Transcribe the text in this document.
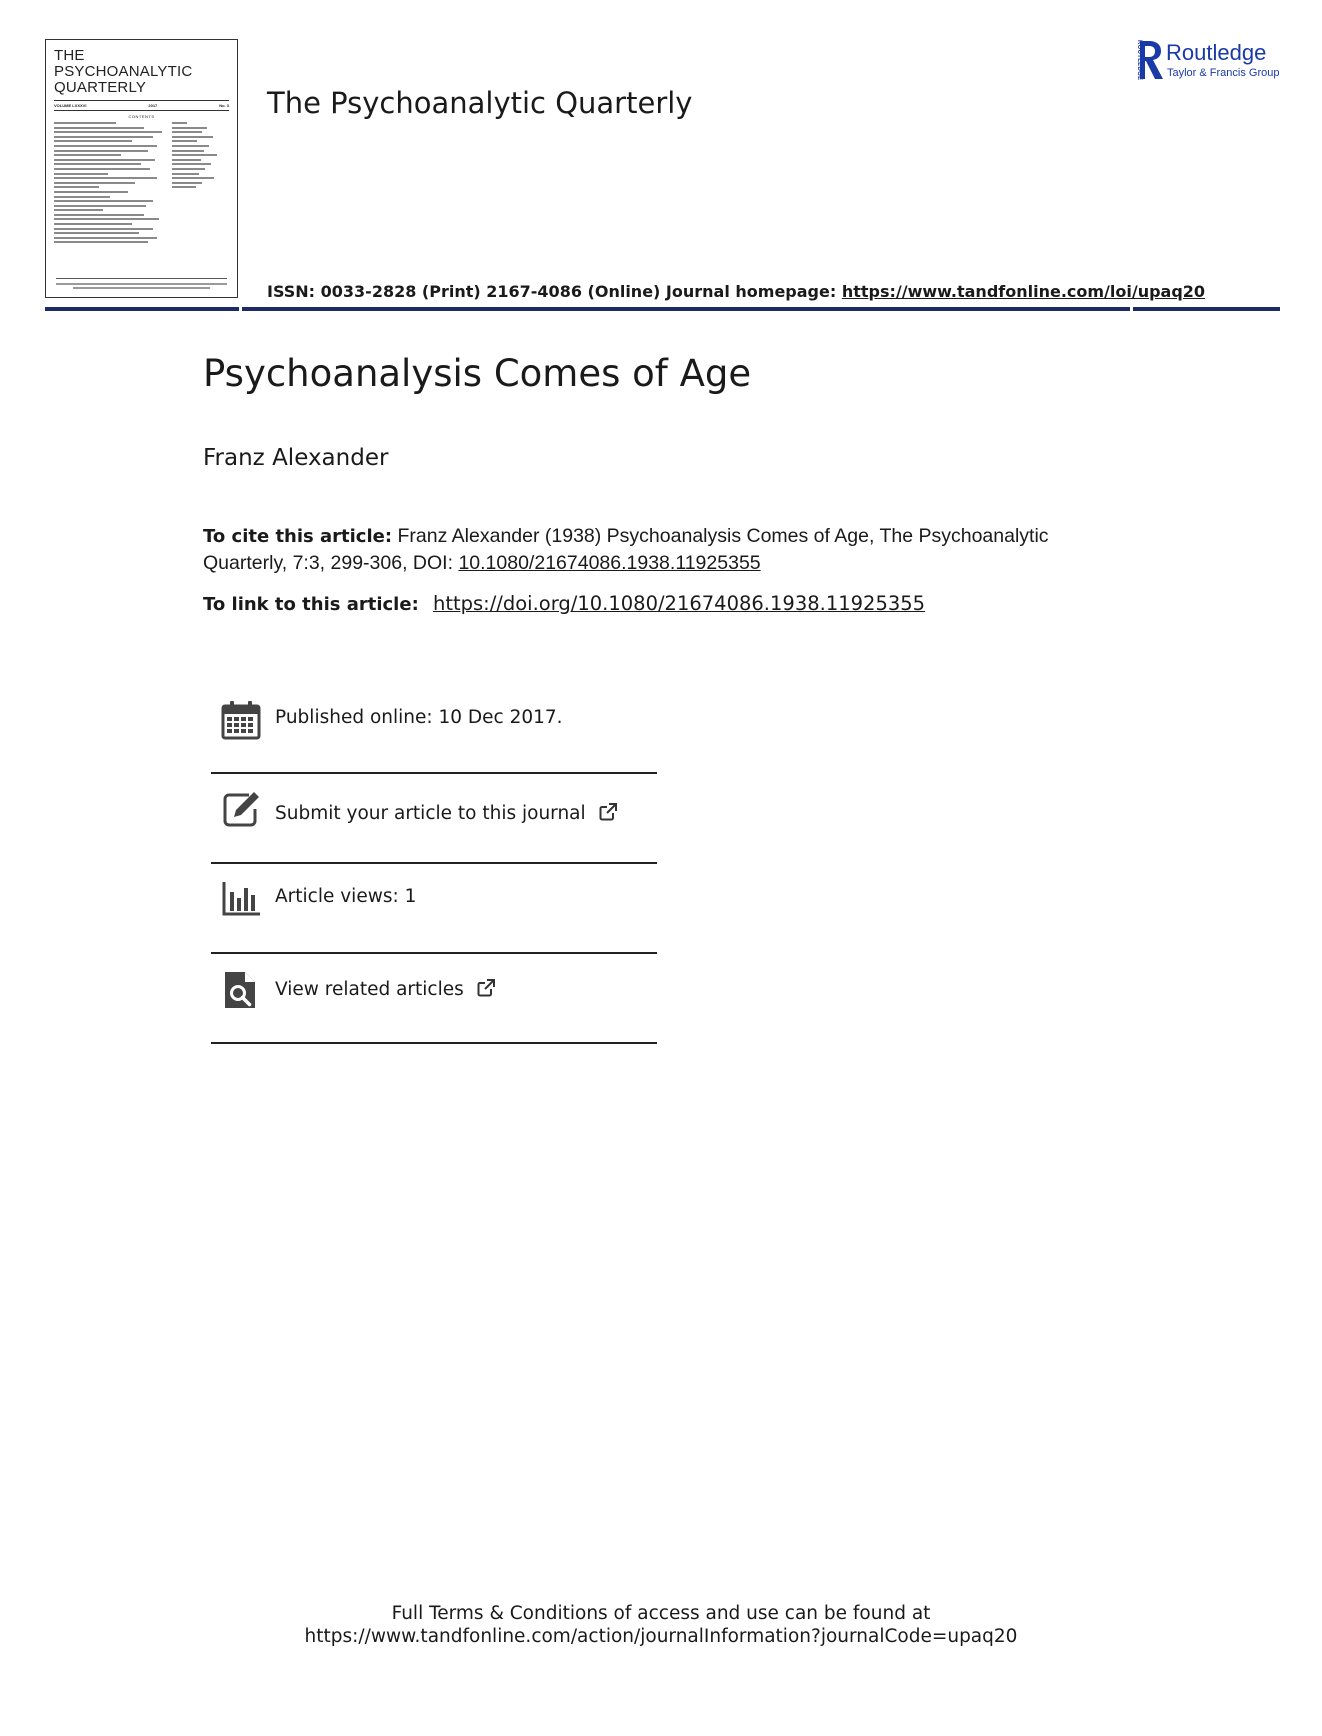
THE
PSYCHOANALYTIC
QUARTERLY
VOLUME LXXXVI	2017	No. 3
CONTENTS	The Psychoanalytic Quarterly
ISSN: 0033-2828 (Print) 2167-4086 (Online) Journal homepage: https://www.tandfonline.com/loi/upaq20
ROUTLEDGE Routledge
Taylor & Francis Group
Psychoanalysis Comes of Age
Franz Alexander
To cite this article: Franz Alexander (1938) Psychoanalysis Comes of Age, The Psychoanalytic Quarterly, 7:3, 299-306, DOI: 10.1080/21674086.1938.11925355
To link to this article: https://doi.org/10.1080/21674086.1938.11925355
Published online: 10 Dec 2017.
Submit your article to this journal
Article views: 1
View related articles
Full Terms & Conditions of access and use can be found at
https://www.tandfonline.com/action/journalInformation?journalCode=upaq20
